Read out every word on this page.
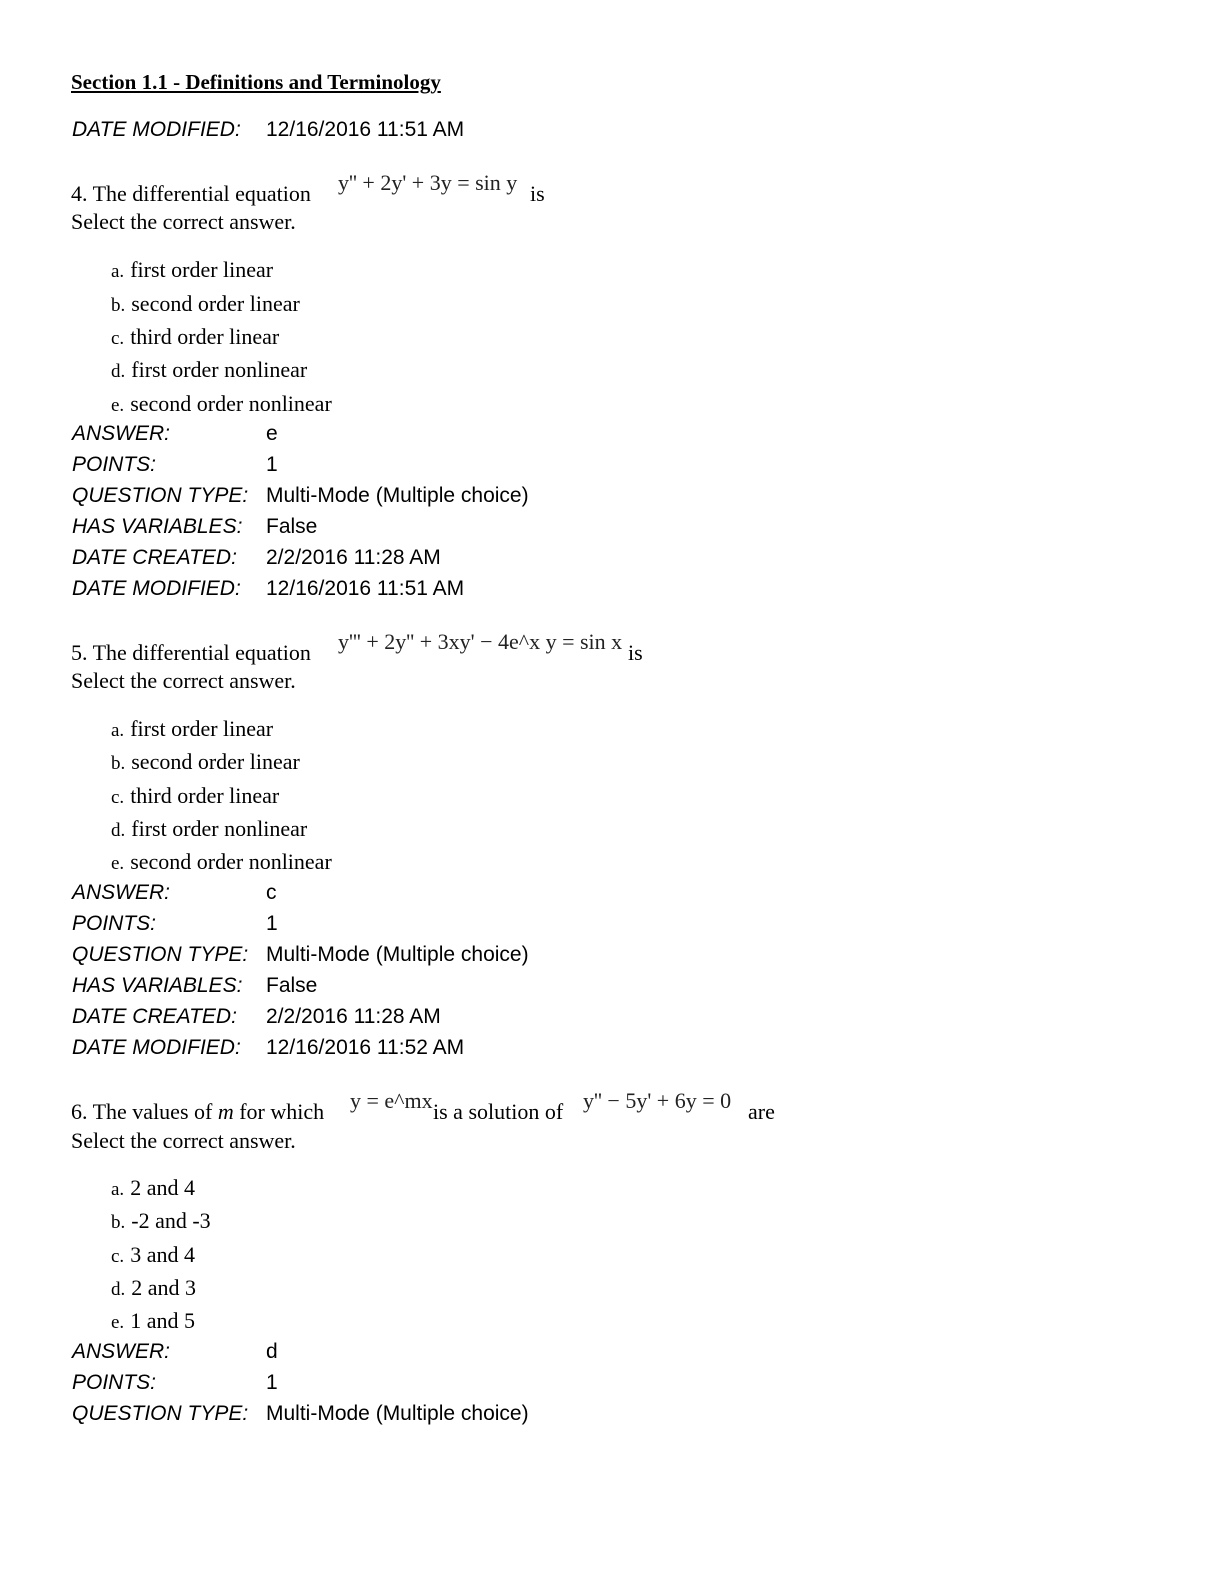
Section 1.1 - Definitions and Terminology
DATE MODIFIED: 12/16/2016 11:51 AM
4. The differential equation y'' + 2y' + 3y = sin y is
Select the correct answer.
a. first order linear
b. second order linear
c. third order linear
d. first order nonlinear
e. second order nonlinear
ANSWER:	e
POINTS:	1
QUESTION TYPE: Multi-Mode (Multiple choice)
HAS VARIABLES: False
DATE CREATED: 2/2/2016 11:28 AM
DATE MODIFIED: 12/16/2016 11:51 AM
5. The differential equation y''' + 2y'' + 3xy' − 4e^x y = sin x is
Select the correct answer.
a. first order linear
b. second order linear
c. third order linear
d. first order nonlinear
e. second order nonlinear
ANSWER:	c
POINTS:	1
QUESTION TYPE: Multi-Mode (Multiple choice)
HAS VARIABLES: False
DATE CREATED: 2/2/2016 11:28 AM
DATE MODIFIED: 12/16/2016 11:52 AM
6. The values of m for which y = e^mx is a solution of y'' − 5y' + 6y = 0 are
Select the correct answer.
a. 2 and 4
b. -2 and -3
c. 3 and 4
d. 2 and 3
e. 1 and 5
ANSWER:	d
POINTS:	1
QUESTION TYPE: Multi-Mode (Multiple choice)
